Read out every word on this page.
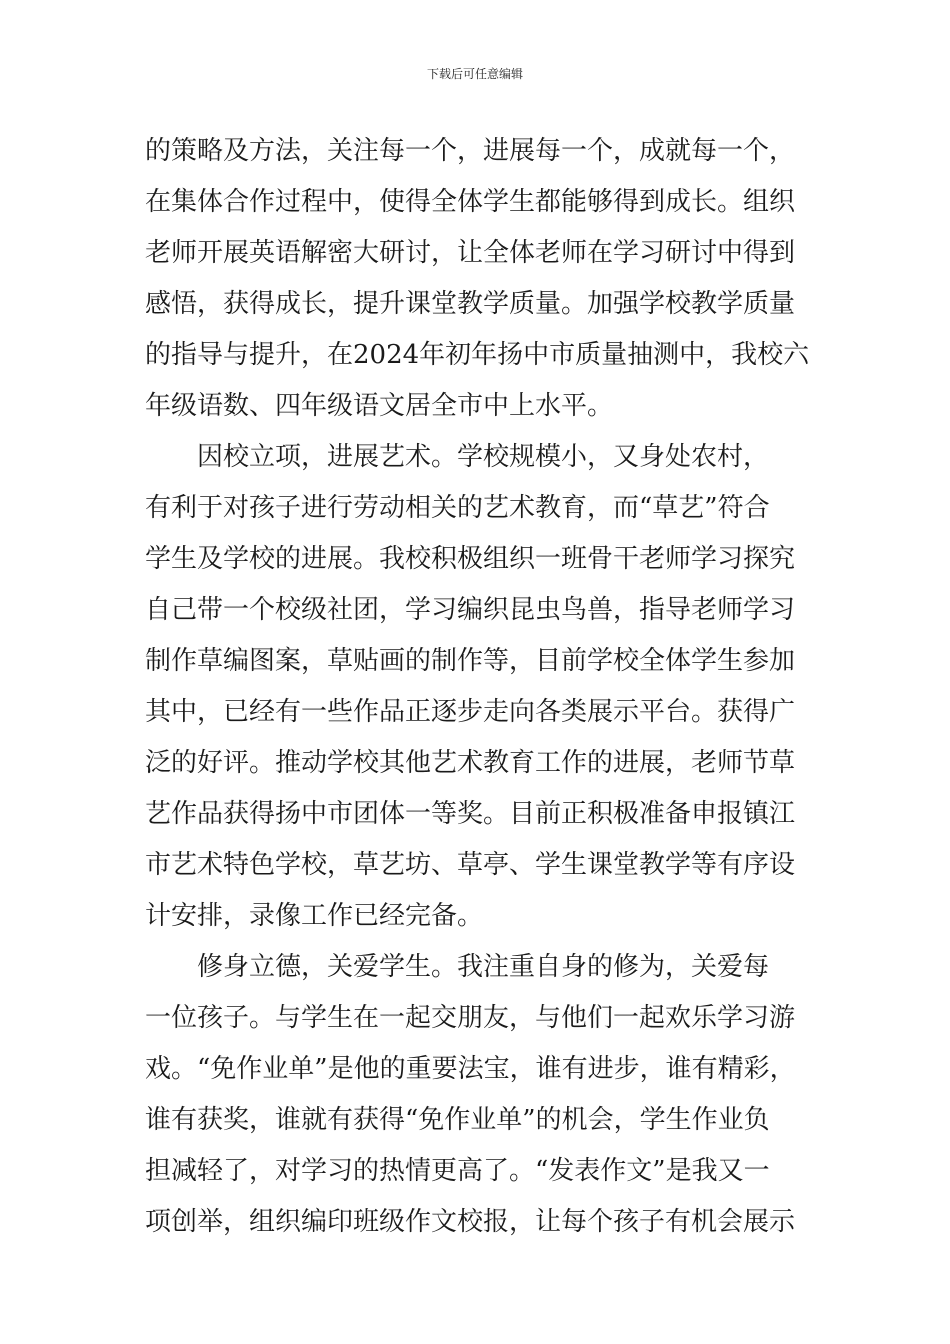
下载后可任意编辑
的策略及方法，关注每一个，进展每一个，成就每一个，
在集体合作过程中，使得全体学生都能够得到成长。组织
老师开展英语解密大研讨，让全体老师在学习研讨中得到
感悟，获得成长，提升课堂教学质量。加强学校教学质量
的指导与提升，在2024年初年扬中市质量抽测中，我校六
年级语数、四年级语文居全市中上水平。
　　因校立项，进展艺术。学校规模小，又身处农村，
有利于对孩子进行劳动相关的艺术教育，而“草艺”符合
学生及学校的进展。我校积极组织一班骨干老师学习探究
自己带一个校级社团，学习编织昆虫鸟兽，指导老师学习
制作草编图案，草贴画的制作等，目前学校全体学生参加
其中，已经有一些作品正逐步走向各类展示平台。获得广
泛的好评。推动学校其他艺术教育工作的进展，老师节草
艺作品获得扬中市团体一等奖。目前正积极准备申报镇江
市艺术特色学校，草艺坊、草亭、学生课堂教学等有序设
计安排，录像工作已经完备。
　　修身立德，关爱学生。我注重自身的修为，关爱每
一位孩子。与学生在一起交朋友，与他们一起欢乐学习游
戏。“免作业单”是他的重要法宝，谁有进步，谁有精彩，
谁有获奖，谁就有获得“免作业单”的机会，学生作业负
担减轻了，对学习的热情更高了。“发表作文”是我又一
项创举，组织编印班级作文校报，让每个孩子有机会展示
